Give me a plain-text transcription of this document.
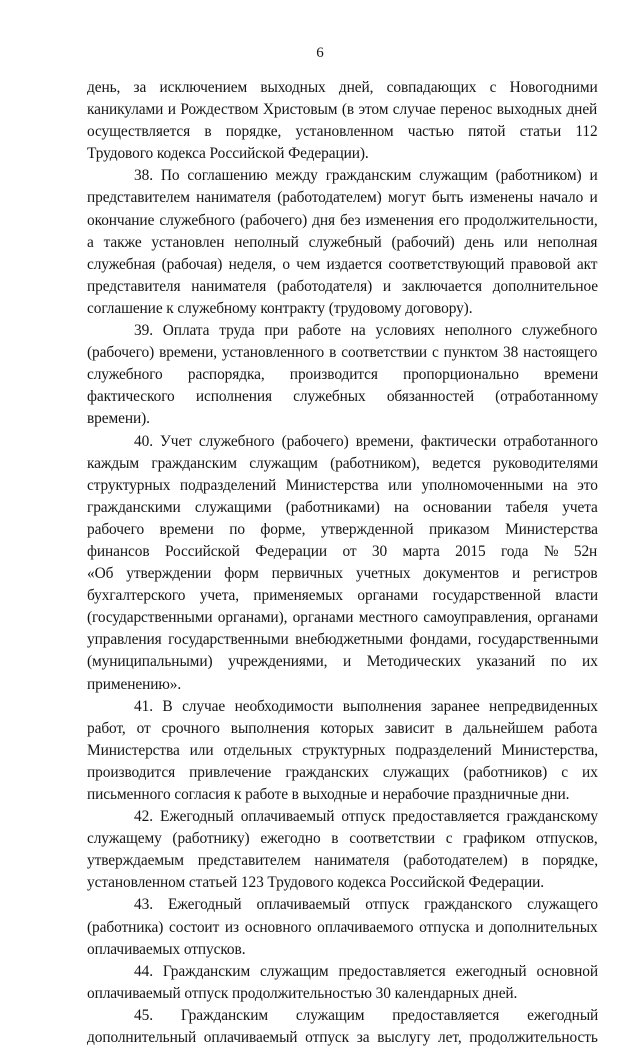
6
день, за исключением выходных дней, совпадающих с Новогодними
каникулами и Рождеством Христовым (в этом случае перенос выходных дней
осуществляется в порядке, установленном частью пятой статьи 112
Трудового кодекса Российской Федерации).
38. По соглашению между гражданским служащим (работником) и
представителем нанимателя (работодателем) могут быть изменены начало и
окончание служебного (рабочего) дня без изменения его продолжительности,
а также установлен неполный служебный (рабочий) день или неполная
служебная (рабочая) неделя, о чем издается соответствующий правовой акт
представителя нанимателя (работодателя) и заключается дополнительное
соглашение к служебному контракту (трудовому договору).
39. Оплата труда при работе на условиях неполного служебного
(рабочего) времени, установленного в соответствии с пунктом 38 настоящего
служебного распорядка, производится пропорционально времени
фактического исполнения служебных обязанностей (отработанному
времени).
40. Учет служебного (рабочего) времени, фактически отработанного
каждым гражданским служащим (работником), ведется руководителями
структурных подразделений Министерства или уполномоченными на это
гражданскими служащими (работниками) на основании табеля учета
рабочего времени по форме, утвержденной приказом Министерства
финансов Российской Федерации от 30 марта 2015 года № 52н
«Об утверждении форм первичных учетных документов и регистров
бухгалтерского учета, применяемых органами государственной власти
(государственными органами), органами местного самоуправления, органами
управления государственными внебюджетными фондами, государственными
(муниципальными) учреждениями, и Методических указаний по их
применению».
41. В случае необходимости выполнения заранее непредвиденных
работ, от срочного выполнения которых зависит в дальнейшем работа
Министерства или отдельных структурных подразделений Министерства,
производится привлечение гражданских служащих (работников) с их
письменного согласия к работе в выходные и нерабочие праздничные дни.
42. Ежегодный оплачиваемый отпуск предоставляется гражданскому
служащему (работнику) ежегодно в соответствии с графиком отпусков,
утверждаемым представителем нанимателя (работодателем) в порядке,
установленном статьей 123 Трудового кодекса Российской Федерации.
43. Ежегодный оплачиваемый отпуск гражданского служащего
(работника) состоит из основного оплачиваемого отпуска и дополнительных
оплачиваемых отпусков.
44. Гражданским служащим предоставляется ежегодный основной
оплачиваемый отпуск продолжительностью 30 календарных дней.
45. Гражданским служащим предоставляется ежегодный
дополнительный оплачиваемый отпуск за выслугу лет, продолжительность
